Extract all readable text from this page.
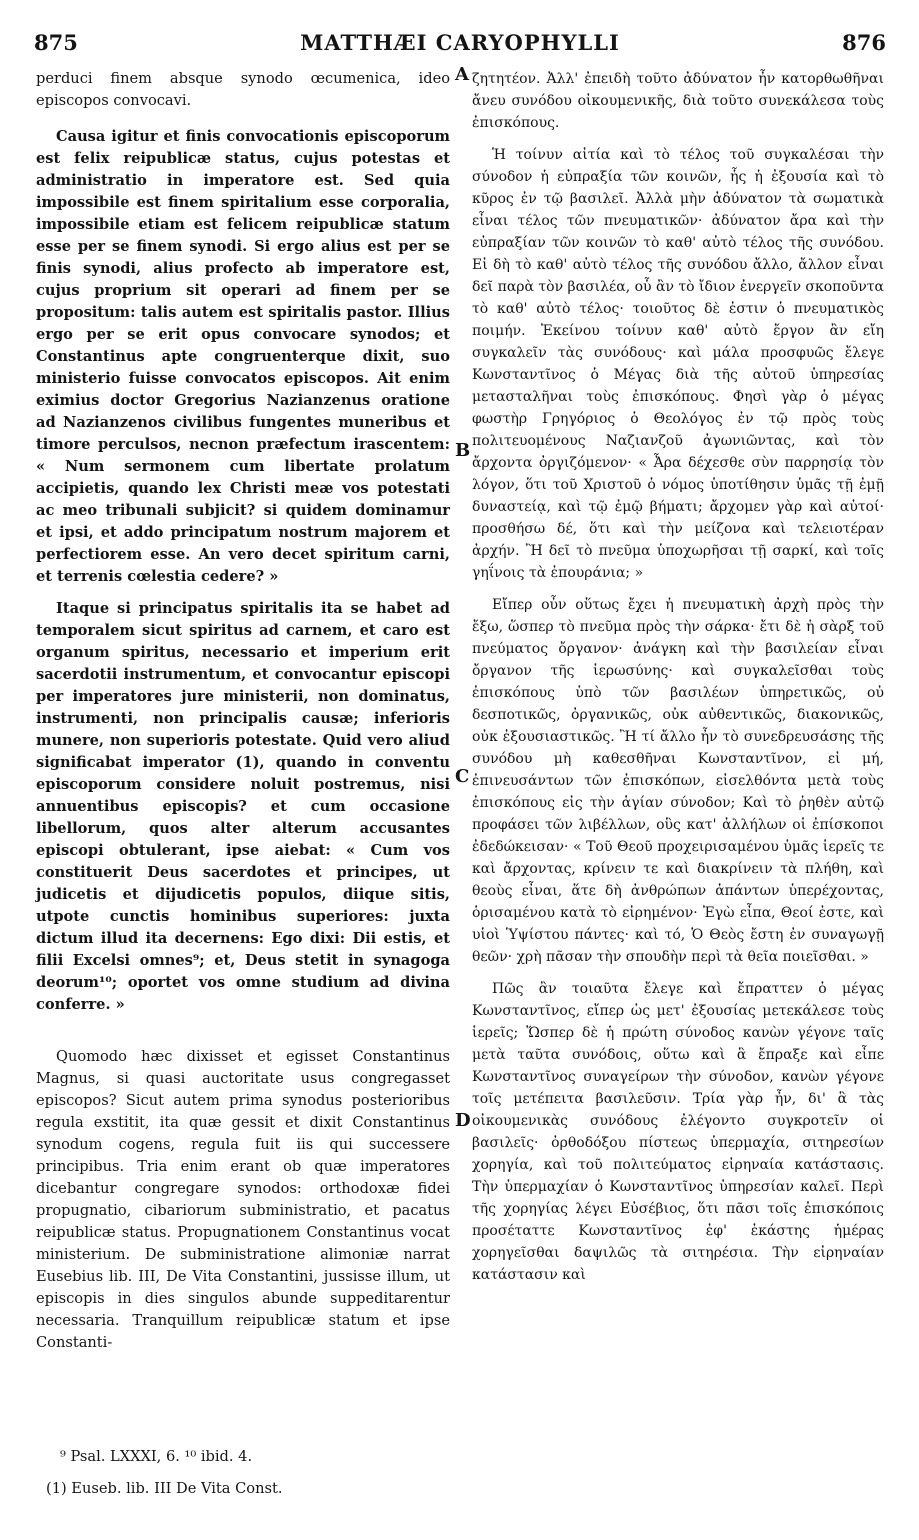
875	MATTHÆI CARYOPHYLLI	876

perduci finem absque synodo œcumenica, ideo episcopos convocavi.

Causa igitur et finis convocationis episcoporum est felix reipublicæ status, cujus potestas et administratio in imperatore est. Sed quia impossibile est finem spiritalium esse corporalia, impossibile etiam est felicem reipublicæ statum esse per se finem synodi. Si ergo alius est per se finis synodi, alius profecto ab imperatore est, cujus proprium sit operari ad finem per se propositum: talis autem est spiritalis pastor. Illius ergo per se erit opus convocare synodos; et Constantinus apte congruenterque dixit, suo ministerio fuisse convocatos episcopos. Ait enim eximius doctor Gregorius Nazianzenus oratione ad Nazianzenos civilibus fungentes muneribus et timore perculsos, necnon præfectum irascentem: « Num sermonem cum libertate prolatum accipietis, quando lex Christi meæ vos potestati ac meo tribunali subjicit? si quidem dominamur et ipsi, et addo principatum nostrum majorem et perfectiorem esse. An vero decet spiritum carni, et terrenis cœlestia cedere? »

Itaque si principatus spiritalis ita se habet ad temporalem sicut spiritus ad carnem, et caro est organum spiritus, necessario et imperium erit sacerdotii instrumentum, et convocantur episcopi per imperatores jure ministerii, non dominatus, instrumenti, non principalis causæ; inferioris munere, non superioris potestate. Quid vero aliud significabat imperator (1), quando in conventu episcoporum considere noluit postremus, nisi annuentibus episcopis? et cum occasione libellorum, quos alter alterum accusantes episcopi obtulerant, ipse aiebat: « Cum vos constituerit Deus sacerdotes et principes, ut judicetis et dijudicetis populos, diique sitis, utpote cunctis hominibus superiores: juxta dictum illud ita decernens: Ego dixi: Dii estis, et filii Excelsi omnes⁹; et, Deus stetit in synagoga deorum¹⁰; oportet vos omne studium ad divina conferre. »

Quomodo hæc dixisset et egisset Constantinus Magnus, si quasi auctoritate usus congregasset episcopos? Sicut autem prima synodus posterioribus regula exstitit, ita quæ gessit et dixit Constantinus synodum cogens, regula fuit iis qui successere principibus. Tria enim erant ob quæ imperatores dicebantur congregare synodos: orthodoxæ fidei propugnatio, cibariorum subministratio, et pacatus reipublicæ status. Propugnationem Constantinus vocat ministerium. De subministratione alimoniæ narrat Eusebius lib. III, De Vita Constantini, jussisse illum, ut episcopis in dies singulos abunde suppeditarentur necessaria. Tranquillum reipublicæ statum et ipse Constanti-

ζητητέον. Ἀλλ' ἐπειδὴ τοῦτο ἀδύνατον ἦν κατορθωθῆναι ἄνευ συνόδου οἰκουμενικῆς, διὰ τοῦτο συνεκάλεσα τοὺς ἐπισκόπους.

Ἡ τοίνυν αἰτία καὶ τὸ τέλος τοῦ συγκαλέσαι τὴν σύνοδον ἡ εὐπραξία τῶν κοινῶν, ἧς ἡ ἐξουσία καὶ τὸ κῦρος ἐν τῷ βασιλεῖ. Ἀλλὰ μὴν ἀδύνατον τὰ σωματικὰ εἶναι τέλος τῶν πνευματικῶν· ἀδύνατον ἄρα καὶ τὴν εὐπραξίαν τῶν κοινῶν τὸ καθ' αὐτὸ τέλος τῆς συνόδου. Εἰ δὴ τὸ καθ' αὐτὸ τέλος τῆς συνόδου ἄλλο, ἄλλον εἶναι δεῖ παρὰ τὸν βασιλέα, οὗ ἂν τὸ ἴδιον ἐνεργεῖν σκοποῦντα τὸ καθ' αὐτὸ τέλος· τοιοῦτος δὲ ἐστιν ὁ πνευματικὸς ποιμήν. Ἐκείνου τοίνυν καθ' αὐτὸ ἔργον ἂν εἴη συγκαλεῖν τὰς συνόδους· καὶ μάλα προσφυῶς ἔλεγε Κωνσταντῖνος ὁ Μέγας διὰ τῆς αὐτοῦ ὑπηρεσίας μετασταλῆναι τοὺς ἐπισκόπους. Φησὶ γὰρ ὁ μέγας φωστὴρ Γρηγόριος ὁ Θεολόγος ἐν τῷ πρὸς τοὺς πολιτευομένους Ναζιανζοῦ ἀγωνιῶντας, καὶ τὸν ἄρχοντα ὀργιζόμενον· « Ἆρα δέχεσθε σὺν παρρησίᾳ τὸν λόγον, ὅτι τοῦ Χριστοῦ ὁ νόμος ὑποτίθησιν ὑμᾶς τῇ ἐμῇ δυναστείᾳ, καὶ τῷ ἐμῷ βήματι; ἄρχομεν γὰρ καὶ αὐτοί· προσθήσω δέ, ὅτι καὶ τὴν μείζονα καὶ τελειοτέραν ἀρχήν. Ἢ δεῖ τὸ πνεῦμα ὑποχωρῆσαι τῇ σαρκί, καὶ τοῖς γηΐνοις τὰ ἐπουράνια; »

Εἴπερ οὖν οὕτως ἔχει ἡ πνευματικὴ ἀρχὴ πρὸς τὴν ἔξω, ὥσπερ τὸ πνεῦμα πρὸς τὴν σάρκα· ἔτι δὲ ἡ σὰρξ τοῦ πνεύματος ὄργανον· ἀνάγκη καὶ τὴν βασιλείαν εἶναι ὄργανον τῆς ἱερωσύνης· καὶ συγκαλεῖσθαι τοὺς ἐπισκόπους ὑπὸ τῶν βασιλέων ὑπηρετικῶς, οὐ δεσποτικῶς, ὀργανικῶς, οὐκ αὐθεντικῶς, διακονικῶς, οὐκ ἐξουσιαστικῶς. Ἢ τί ἄλλο ἦν τὸ συνεδρευσάσης τῆς συνόδου μὴ καθεσθῆναι Κωνσταντῖνον, εἰ μή, ἐπινευσάντων τῶν ἐπισκόπων, εἰσελθόντα μετὰ τοὺς ἐπισκόπους εἰς τὴν ἁγίαν σύνοδον; Καὶ τὸ ῥηθὲν αὐτῷ προφάσει τῶν λιβέλλων, οὓς κατ' ἀλλήλων οἱ ἐπίσκοποι ἐδεδώκεισαν· « Τοῦ Θεοῦ προχειρισαμένου ὑμᾶς ἱερεῖς τε καὶ ἄρχοντας, κρίνειν τε καὶ διακρίνειν τὰ πλήθη, καὶ θεοὺς εἶναι, ἅτε δὴ ἀνθρώπων ἁπάντων ὑπερέχοντας, ὁρισαμένου κατὰ τὸ εἰρημένον· Ἐγὼ εἶπα, Θεοί ἐστε, καὶ υἱοὶ Ὑψίστου πάντες· καὶ τό, Ὁ Θεὸς ἔστη ἐν συναγωγῇ θεῶν· χρὴ πᾶσαν τὴν σπουδὴν περὶ τὰ θεῖα ποιεῖσθαι. »

Πῶς ἂν τοιαῦτα ἔλεγε καὶ ἔπραττεν ὁ μέγας Κωνσταντῖνος, εἴπερ ὡς μετ' ἐξουσίας μετεκάλεσε τοὺς ἱερεῖς; Ὥσπερ δὲ ἡ πρώτη σύνοδος κανὼν γέγονε ταῖς μετὰ ταῦτα συνόδοις, οὕτω καὶ ἃ ἔπραξε καὶ εἶπε Κωνσταντῖνος συναγείρων τὴν σύνοδον, κανὼν γέγονε τοῖς μετέπειτα βασιλεῦσιν. Τρία γὰρ ἦν, δι' ἃ τὰς οἰκουμενικὰς συνόδους ἐλέγοντο συγκροτεῖν οἱ βασιλεῖς· ὀρθοδόξου πίστεως ὑπερμαχία, σιτηρεσίων χορηγία, καὶ τοῦ πολιτεύματος εἰρηναία κατάστασις. Τὴν ὑπερμαχίαν ὁ Κωνσταντῖνος ὑπηρεσίαν καλεῖ. Περὶ τῆς χορηγίας λέγει Εὐσέβιος, ὅτι πᾶσι τοῖς ἐπισκόποις προσέταττε Κωνσταντῖνος ἐφ' ἑκάστης ἡμέρας χορηγεῖσθαι δαψιλῶς τὰ σιτηρέσια. Τὴν εἰρηναίαν κατάστασιν καὶ

A
B
C
D
⁹ Psal. LXXXI, 6. ¹⁰ ibid. 4.
(1) Euseb. lib. III De Vita Const.
